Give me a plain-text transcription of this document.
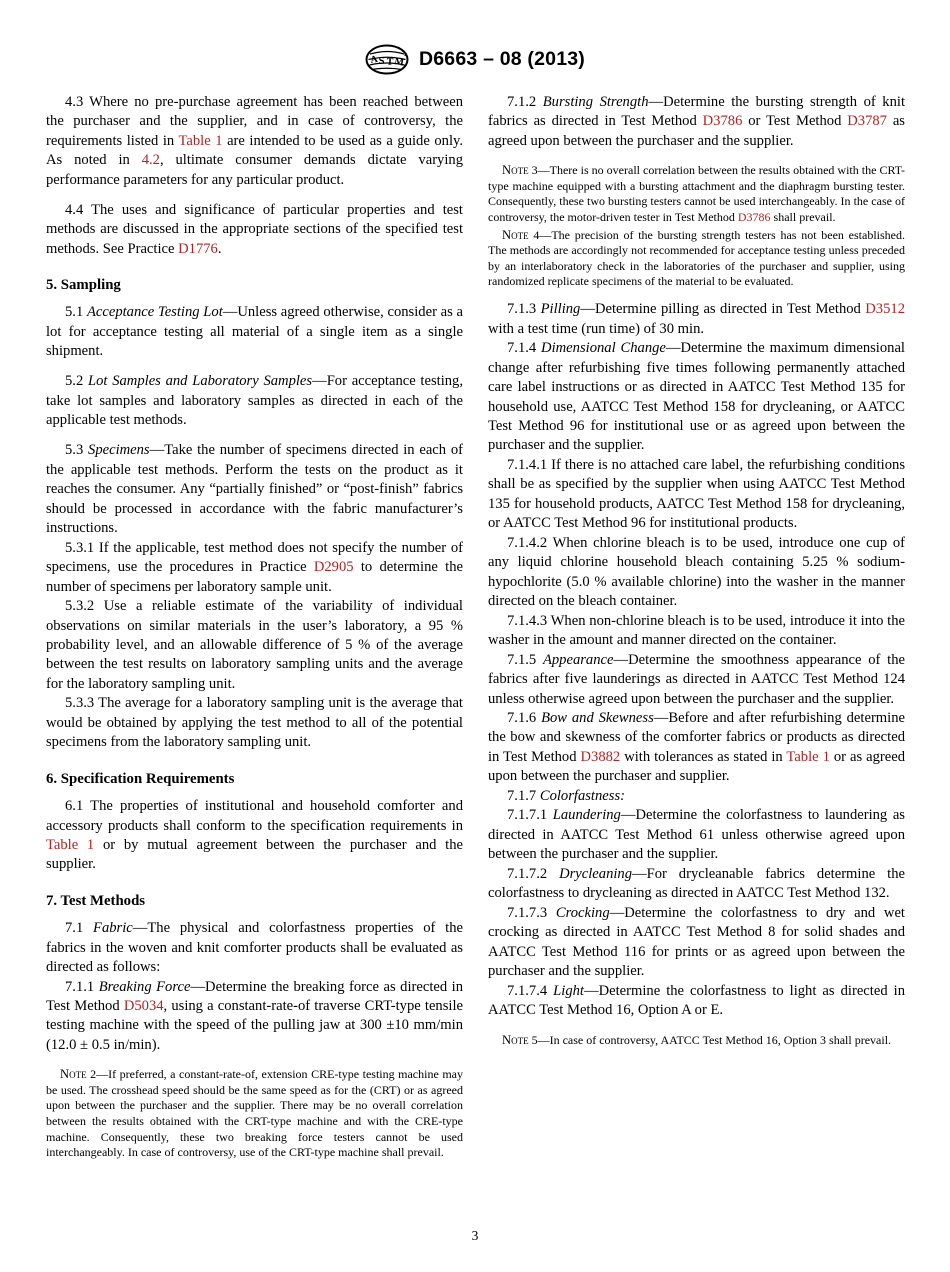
A S T M D6663 – 08 (2013)

4.3 Where no pre-purchase agreement has been reached between the purchaser and the supplier, and in case of controversy, the requirements listed in Table 1 are intended to be used as a guide only. As noted in 4.2, ultimate consumer demands dictate varying performance parameters for any particular product.

4.4 The uses and significance of particular properties and test methods are discussed in the appropriate sections of the specified test methods. See Practice D1776.

5. Sampling

5.1 Acceptance Testing Lot—Unless agreed otherwise, consider as a lot for acceptance testing all material of a single item as a single shipment.

5.2 Lot Samples and Laboratory Samples—For acceptance testing, take lot samples and laboratory samples as directed in each of the applicable test methods.

5.3 Specimens—Take the number of specimens directed in each of the applicable test methods. Perform the tests on the product as it reaches the consumer. Any “partially finished” or “post-finish” fabrics should be processed in accordance with the fabric manufacturer’s instructions.

5.3.1 If the applicable, test method does not specify the number of specimens, use the procedures in Practice D2905 to determine the number of specimens per laboratory sample unit.

5.3.2 Use a reliable estimate of the variability of individual observations on similar materials in the user’s laboratory, a 95 % probability level, and an allowable difference of 5 % of the average between the test results on laboratory sampling units and the average for the laboratory sampling unit.

5.3.3 The average for a laboratory sampling unit is the average that would be obtained by applying the test method to all of the potential specimens from the laboratory sampling unit.

6. Specification Requirements

6.1 The properties of institutional and household comforter and accessory products shall conform to the specification requirements in Table 1 or by mutual agreement between the purchaser and the supplier.

7. Test Methods

7.1 Fabric—The physical and colorfastness properties of the fabrics in the woven and knit comforter products shall be evaluated as directed as follows:

7.1.1 Breaking Force—Determine the breaking force as directed in Test Method D5034, using a constant-rate-of traverse CRT-type tensile testing machine with the speed of the pulling jaw at 300 ±10 mm/min (12.0 ± 0.5 in/min).

Note 2—If preferred, a constant-rate-of, extension CRE-type testing machine may be used. The crosshead speed should be the same speed as for the (CRT) or as agreed upon between the purchaser and the supplier. There may be no overall correlation between the results obtained with the CRT-type machine and with the CRE-type machine. Consequently, these two breaking force testers cannot be used interchangeably. In case of controversy, use of the CRT-type machine shall prevail.

7.1.2 Bursting Strength—Determine the bursting strength of knit fabrics as directed in Test Method D3786 or Test Method D3787 as agreed upon between the purchaser and the supplier.

Note 3—There is no overall correlation between the results obtained with the CRT-type machine equipped with a bursting attachment and the diaphragm bursting tester. Consequently, these two bursting testers cannot be used interchangeably. In the case of controversy, the motor-driven tester in Test Method D3786 shall prevail.

Note 4—The precision of the bursting strength testers has not been established. The methods are accordingly not recommended for acceptance testing unless preceded by an interlaboratory check in the laboratories of the purchaser and supplier, using randomized replicate specimens of the material to be evaluated.

7.1.3 Pilling—Determine pilling as directed in Test Method D3512 with a test time (run time) of 30 min.

7.1.4 Dimensional Change—Determine the maximum dimensional change after refurbishing five times following permanently attached care label instructions or as directed in AATCC Test Method 135 for household use, AATCC Test Method 158 for drycleaning, or AATCC Test Method 96 for institutional use or as agreed upon between the purchaser and the supplier.

7.1.4.1 If there is no attached care label, the refurbishing conditions shall be as specified by the supplier when using AATCC Test Method 135 for household products, AATCC Test Method 158 for drycleaning, or AATCC Test Method 96 for institutional products.

7.1.4.2 When chlorine bleach is to be used, introduce one cup of any liquid chlorine household bleach containing 5.25 % sodium-hypochlorite (5.0 % available chlorine) into the washer in the manner directed on the bleach container.

7.1.4.3 When non-chlorine bleach is to be used, introduce it into the washer in the amount and manner directed on the container.

7.1.5 Appearance—Determine the smoothness appearance of the fabrics after five launderings as directed in AATCC Test Method 124 unless otherwise agreed upon between the purchaser and the supplier.

7.1.6 Bow and Skewness—Before and after refurbishing determine the bow and skewness of the comforter fabrics or products as directed in Test Method D3882 with tolerances as stated in Table 1 or as agreed upon between the purchaser and supplier.

7.1.7 Colorfastness:

7.1.7.1 Laundering—Determine the colorfastness to laundering as directed in AATCC Test Method 61 unless otherwise agreed upon between the purchaser and the supplier.

7.1.7.2 Drycleaning—For drycleanable fabrics determine the colorfastness to drycleaning as directed in AATCC Test Method 132.

7.1.7.3 Crocking—Determine the colorfastness to dry and wet crocking as directed in AATCC Test Method 8 for solid shades and AATCC Test Method 116 for prints or as agreed upon between the purchaser and the supplier.

7.1.7.4 Light—Determine the colorfastness to light as directed in AATCC Test Method 16, Option A or E.

Note 5—In case of controversy, AATCC Test Method 16, Option 3 shall prevail.

3
